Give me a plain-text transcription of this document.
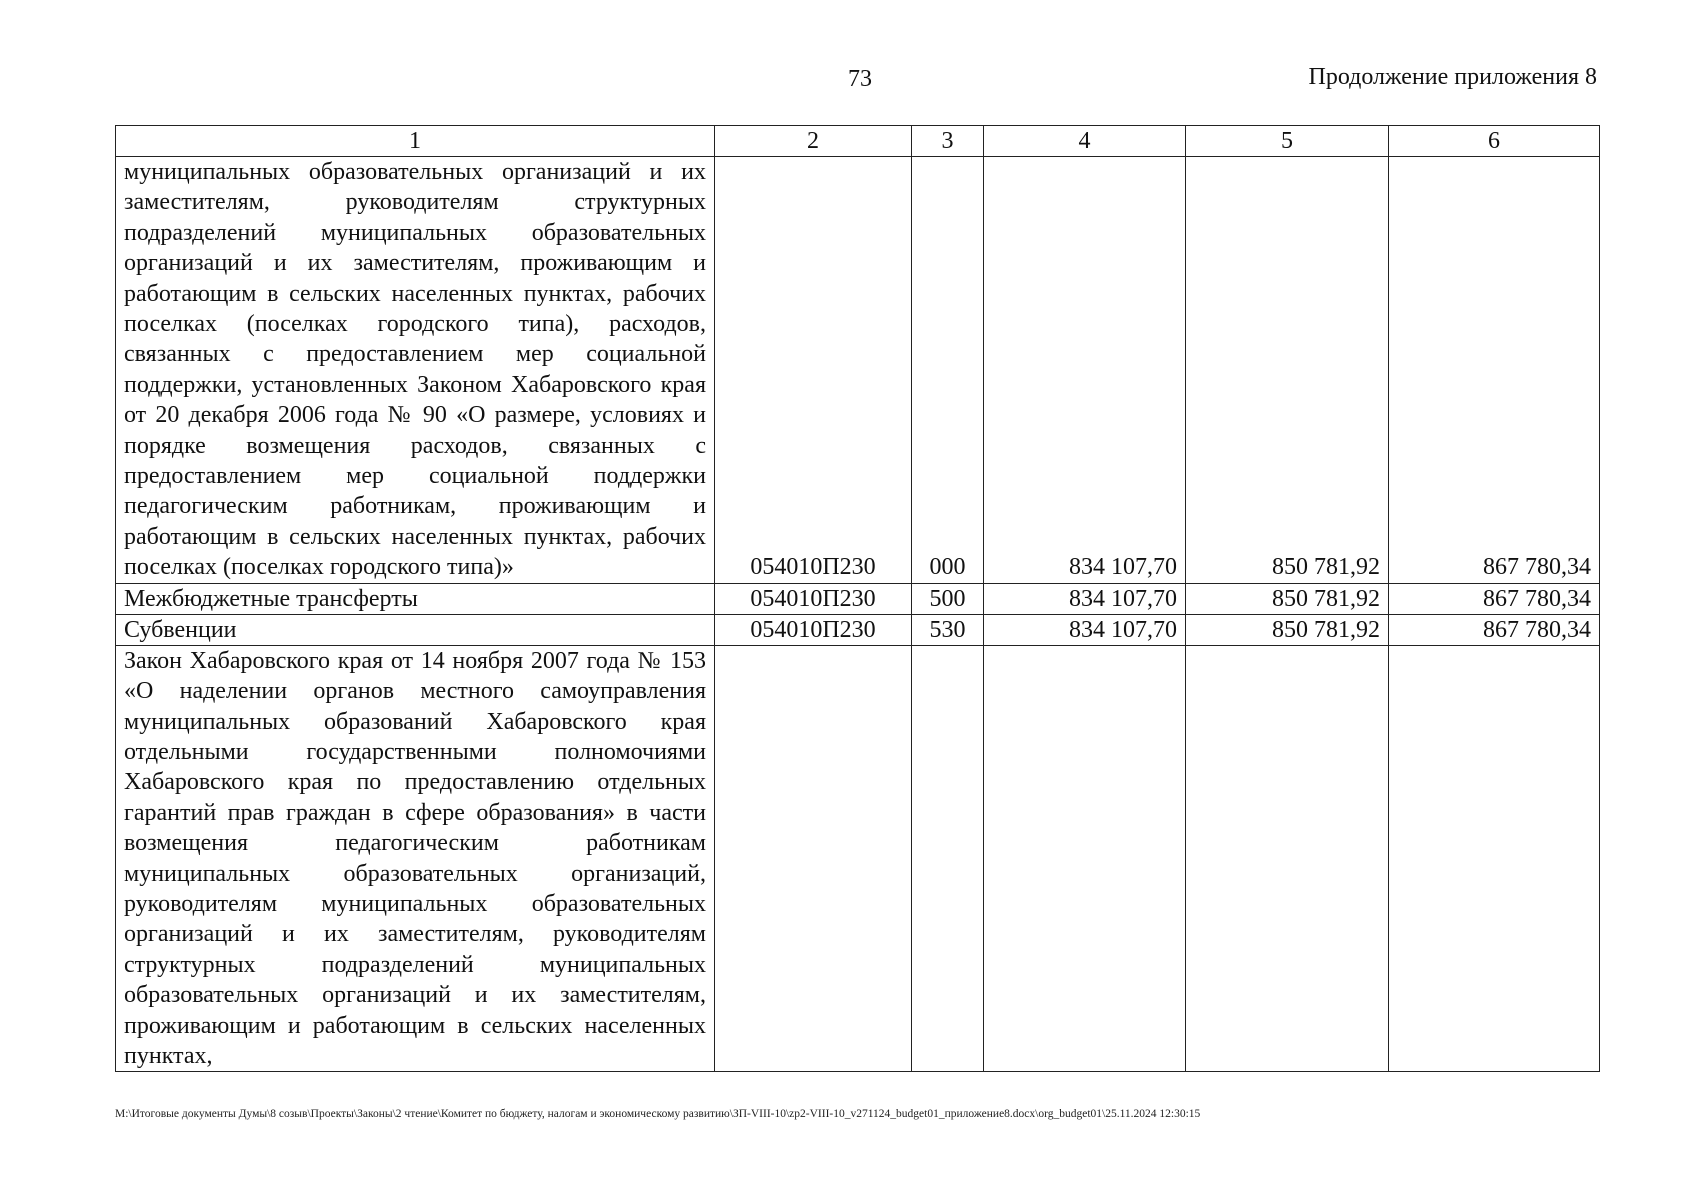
73	Продолжение приложения 8
1	2	3	4	5	6
муниципальных образовательных организаций и их заместителям, руководителям структурных подразделений муниципальных образовательных организаций и их заместителям, проживающим и работающим в сельских населенных пунктах, рабочих поселках (поселках городского типа), расходов, связанных с предоставлением мер социальной поддержки, установленных Законом Хабаровского края от 20 декабря 2006 года № 90 «О размере, условиях и порядке возмещения расходов, связанных с предоставлением мер социальной поддержки педагогическим работникам, проживающим и работающим в сельских населенных пунктах, рабочих поселках (поселках городского типа)»	054010П230	000	834 107,70	850 781,92	867 780,34
Межбюджетные трансферты	054010П230	500	834 107,70	850 781,92	867 780,34
Субвенции	054010П230	530	834 107,70	850 781,92	867 780,34
Закон Хабаровского края от 14 ноября 2007 года № 153 «О наделении органов местного самоуправления муниципальных образований Хабаровского края отдельными государственными полномочиями Хабаровского края по предоставлению отдельных гарантий прав граждан в сфере образования» в части возмещения педагогическим работникам муниципальных образовательных организаций, руководителям муниципальных образовательных организаций и их заместителям, руководителям структурных подразделений муниципальных образовательных организаций и их заместителям, проживающим и работающим в сельских населенных пунктах,					
M:\Итоговые документы Думы\8 созыв\Проекты\Законы\2 чтение\Комитет по бюджету, налогам и экономическому развитию\ЗП-VIII-10\zp2-VIII-10_v271124_budget01_приложение8.docx\org_budget01\25.11.2024 12:30:15
